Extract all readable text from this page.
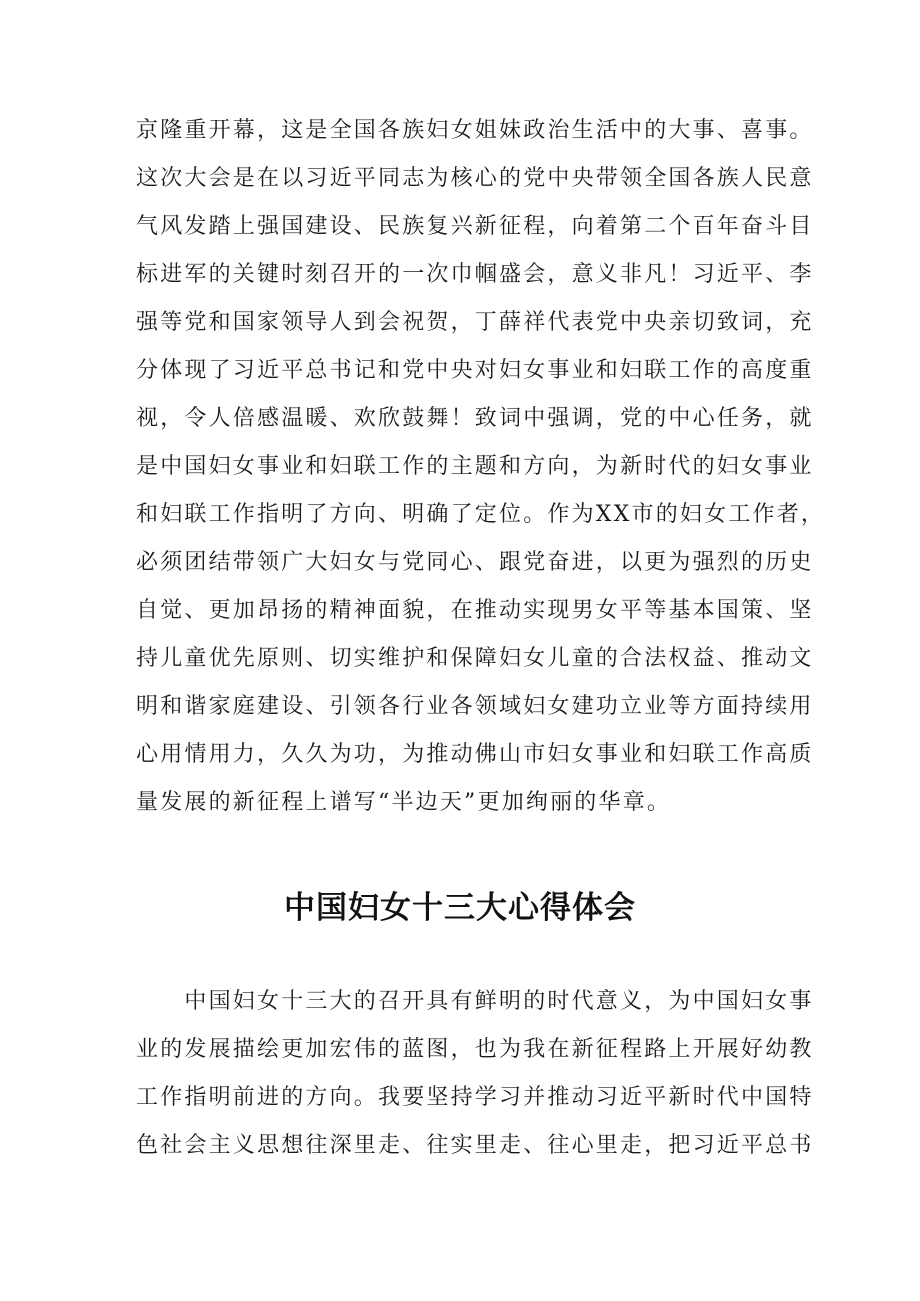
京隆重开幕，这是全国各族妇女姐妹政治生活中的大事、喜事。
这次大会是在以习近平同志为核心的党中央带领全国各族人民意
气风发踏上强国建设、民族复兴新征程，向着第二个百年奋斗目
标进军的关键时刻召开的一次巾帼盛会，意义非凡！习近平、李
强等党和国家领导人到会祝贺，丁薛祥代表党中央亲切致词，充
分体现了习近平总书记和党中央对妇女事业和妇联工作的高度重
视，令人倍感温暖、欢欣鼓舞！致词中强调，党的中心任务，就
是中国妇女事业和妇联工作的主题和方向，为新时代的妇女事业
和妇联工作指明了方向、明确了定位。作为XX市的妇女工作者，
必须团结带领广大妇女与党同心、跟党奋进，以更为强烈的历史
自觉、更加昂扬的精神面貌，在推动实现男女平等基本国策、坚
持儿童优先原则、切实维护和保障妇女儿童的合法权益、推动文
明和谐家庭建设、引领各行业各领域妇女建功立业等方面持续用
心用情用力，久久为功，为推动佛山市妇女事业和妇联工作高质
量发展的新征程上谱写“半边天”更加绚丽的华章。
中国妇女十三大心得体会
　　中国妇女十三大的召开具有鲜明的时代意义，为中国妇女事
业的发展描绘更加宏伟的蓝图，也为我在新征程路上开展好幼教
工作指明前进的方向。我要坚持学习并推动习近平新时代中国特
色社会主义思想往深里走、往实里走、往心里走，把习近平总书
